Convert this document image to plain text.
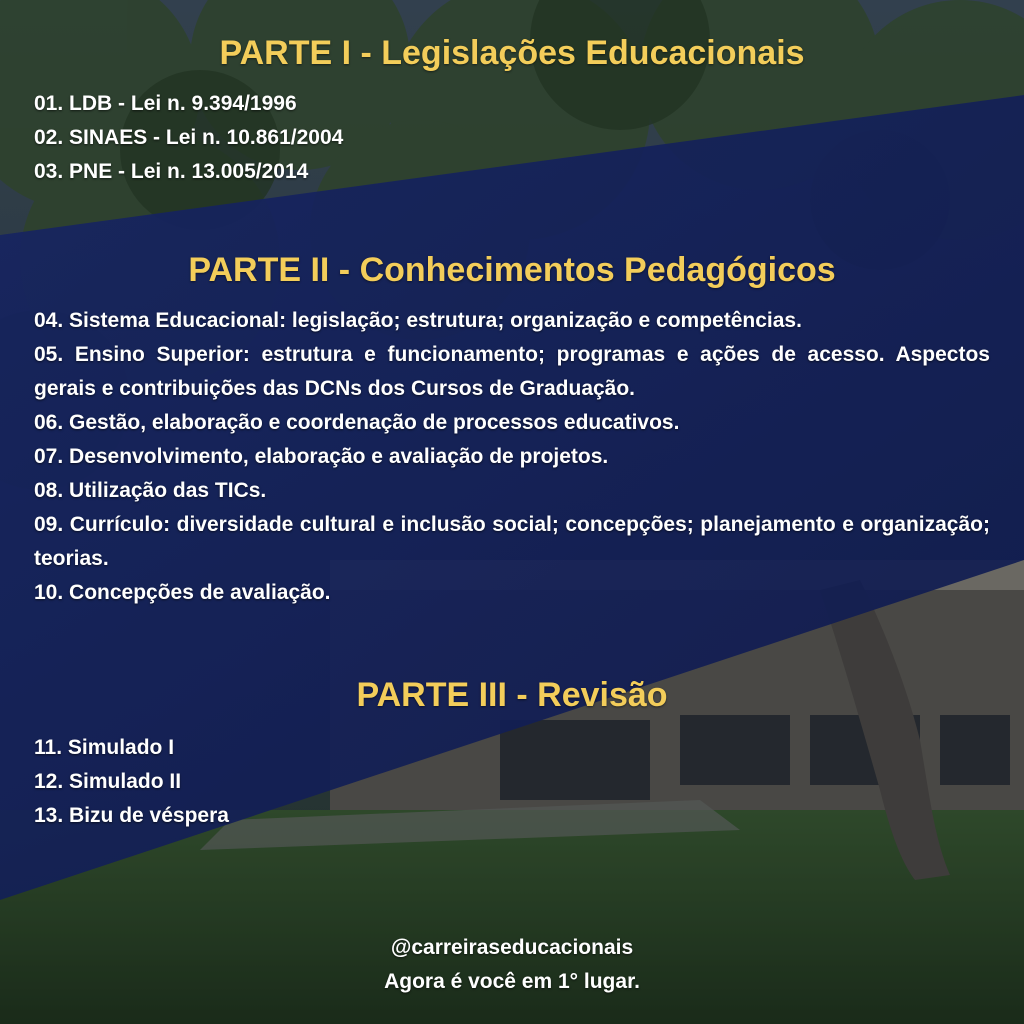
PARTE I - Legislações Educacionais
01. LDB - Lei n. 9.394/1996
02. SINAES - Lei n. 10.861/2004
03. PNE - Lei n. 13.005/2014
PARTE II - Conhecimentos Pedagógicos
04. Sistema Educacional: legislação; estrutura; organização e competências.
05. Ensino Superior: estrutura e funcionamento; programas e ações de acesso. Aspectos gerais e contribuições das DCNs dos Cursos de Graduação.
06. Gestão, elaboração e coordenação de processos educativos.
07. Desenvolvimento, elaboração e avaliação de projetos.
08. Utilização das TICs.
09. Currículo: diversidade cultural e inclusão social; concepções; planejamento e organização; teorias.
10. Concepções de avaliação.
PARTE III - Revisão
11. Simulado I
12. Simulado II
13. Bizu de véspera
@carreiraseducacionais
Agora é você em 1° lugar.
